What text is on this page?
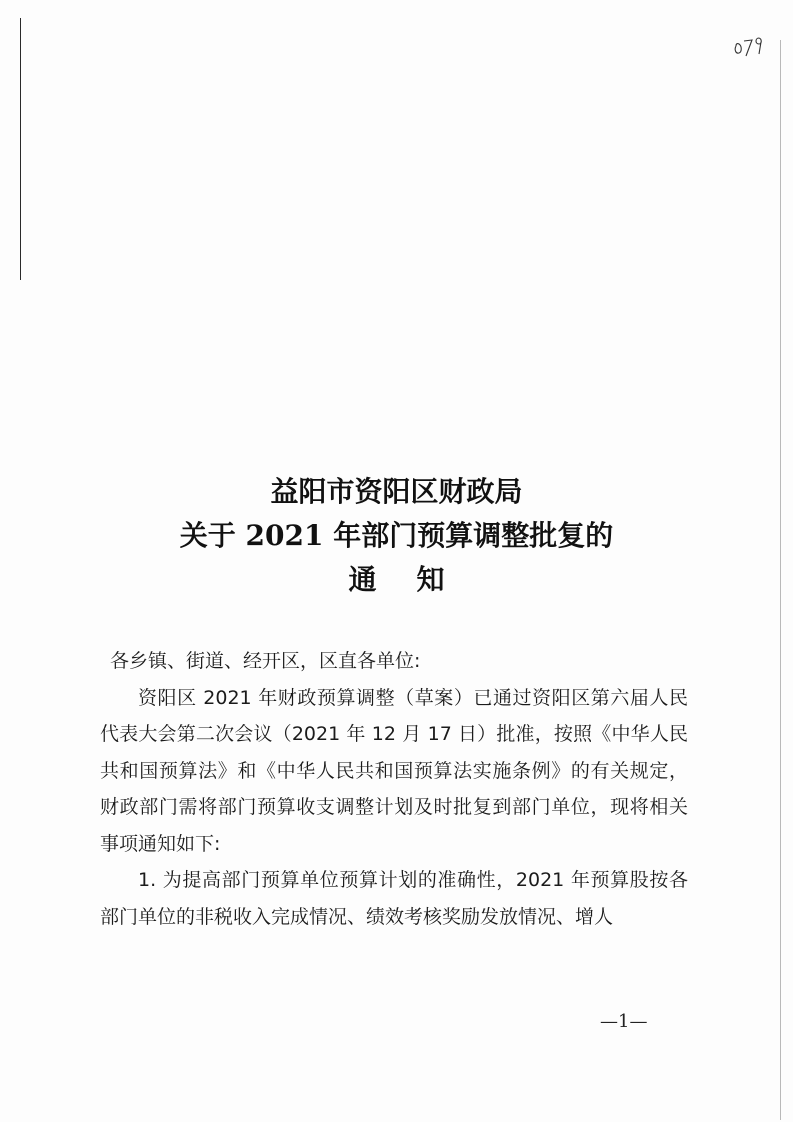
益阳市资阳区财政局
关于 2021 年部门预算调整批复的
通知

各乡镇、街道、经开区，区直各单位:

资阳区 2021 年财政预算调整（草案）已通过资阳区第六届人民代表大会第二次会议（2021 年 12 月 17 日）批准，按照《中华人民共和国预算法》和《中华人民共和国预算法实施条例》的有关规定，财政部门需将部门预算收支调整计划及时批复到部门单位，现将相关事项通知如下:

1. 为提高部门预算单位预算计划的准确性，2021 年预算股按各部门单位的非税收入完成情况、绩效考核奖励发放情况、增人

—1—
